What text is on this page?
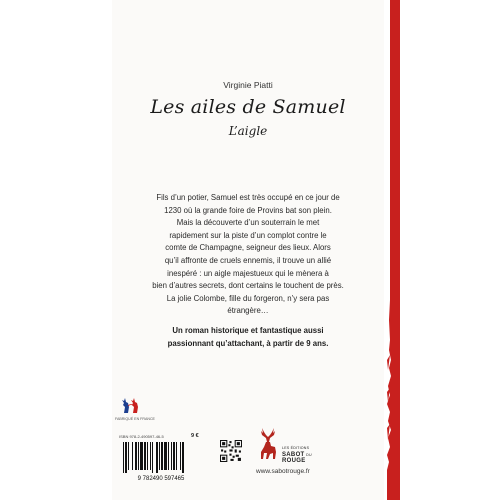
Virginie Piatti
Les ailes de Samuel
L’aigle
Fils d’un potier, Samuel est très occupé en ce jour de
1230 où la grande foire de Provins bat son plein.
Mais la découverte d’un souterrain le met
rapidement sur la piste d’un complot contre le
comte de Champagne, seigneur des lieux. Alors
qu’il affronte de cruels ennemis, il trouve un allié
inespéré : un aigle majestueux qui le mènera à
bien d’autres secrets, dont certains le touchent de près.
La jolie Colombe, fille du forgeron, n’y sera pas
étrangère…
Un roman historique et fantastique aussi
passionnant qu’attachant, à partir de 9 ans.
FABRIQUÉ EN FRANCE
ISBN 978-2-490597-46-5	9 €
9 782490 597465
LES ÉDITIONS
SABOT DU
ROUGE
www.sabotrouge.fr
